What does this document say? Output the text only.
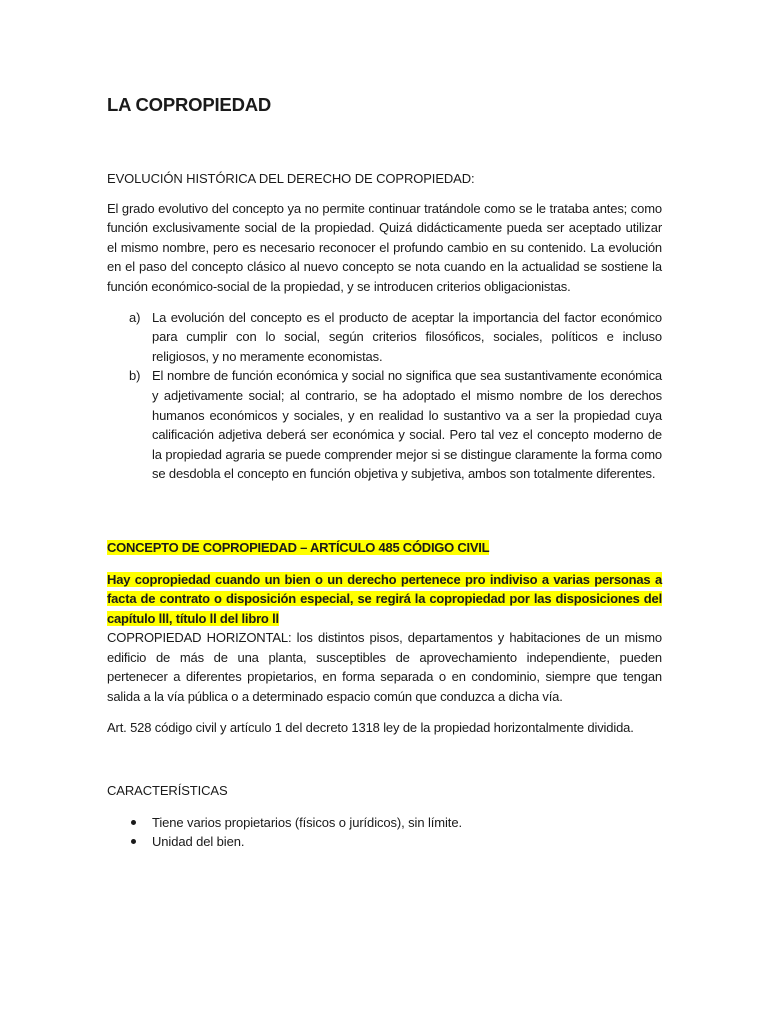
LA COPROPIEDAD
EVOLUCIÓN HISTÓRICA DEL DERECHO DE COPROPIEDAD:

El grado evolutivo del concepto ya no permite continuar tratándole como se le trataba antes; como función exclusivamente social de la propiedad. Quizá didácticamente pueda ser aceptado utilizar el mismo nombre, pero es necesario reconocer el profundo cambio en su contenido. La evolución en el paso del concepto clásico al nuevo concepto se nota cuando en la actualidad se sostiene la función económico-social de la propiedad, y se introducen criterios obligacionistas.

a) La evolución del concepto es el producto de aceptar la importancia del factor económico para cumplir con lo social, según criterios filosóficos, sociales, políticos e incluso religiosos, y no meramente economistas.
b) El nombre de función económica y social no significa que sea sustantivamente económica y adjetivamente social; al contrario, se ha adoptado el mismo nombre de los derechos humanos económicos y sociales, y en realidad lo sustantivo va a ser la propiedad cuya calificación adjetiva deberá ser económica y social. Pero tal vez el concepto moderno de la propiedad agraria se puede comprender mejor si se distingue claramente la forma como se desdobla el concepto en función objetiva y subjetiva, ambos son totalmente diferentes.
CONCEPTO DE COPROPIEDAD – ARTÍCULO 485 CÓDIGO CIVIL

Hay copropiedad cuando un bien o un derecho pertenece pro indiviso a varias personas a facta de contrato o disposición especial, se regirá la copropiedad por las disposiciones del capítulo lll, título ll del libro ll

COPROPIEDAD HORIZONTAL: los distintos pisos, departamentos y habitaciones de un mismo edificio de más de una planta, susceptibles de aprovechamiento independiente, pueden pertenecer a diferentes propietarios, en forma separada o en condominio, siempre que tengan salida a la vía pública o a determinado espacio común que conduzca a dicha vía.

Art. 528 código civil y artículo 1 del decreto 1318 ley de la propiedad horizontalmente dividida.

CARACTERÍSTICAS
Tiene varios propietarios (físicos o jurídicos), sin límite.
Unidad del bien.
